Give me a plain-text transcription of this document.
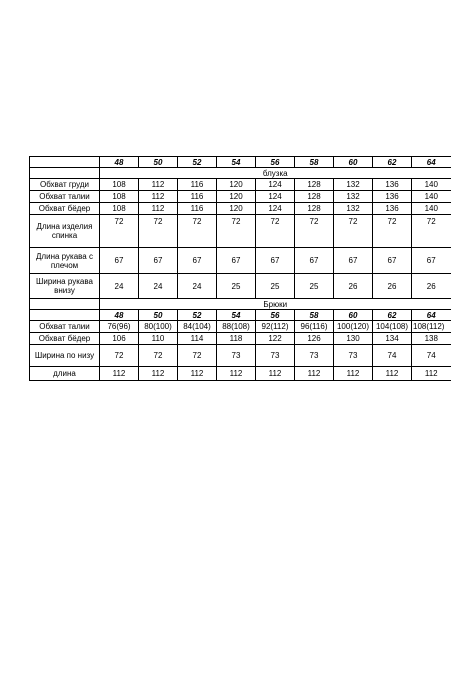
	48	50	52	54	56	58	60	62	64
	блузка								
Обхват груди	108	112	116	120	124	128	132	136	140
Обхват талии	108	112	116	120	124	128	132	136	140
Обхват бёдер	108	112	116	120	124	128	132	136	140
Длина изделия спинка	72	72	72	72	72	72	72	72	72
Длина рукава с плечом	67	67	67	67	67	67	67	67	67
Ширина рукава внизу	24	24	24	25	25	25	26	26	26
	Брюки								
	48	50	52	54	56	58	60	62	64
Обхват талии	76(96)	80(100)	84(104)	88(108)	92(112)	96(116)	100(120)	104(108)	108(112)
Обхват бёдер	106	110	114	118	122	126	130	134	138
Ширина по низу	72	72	72	73	73	73	73	74	74
длина	112	112	112	112	112	112	112	112	112
